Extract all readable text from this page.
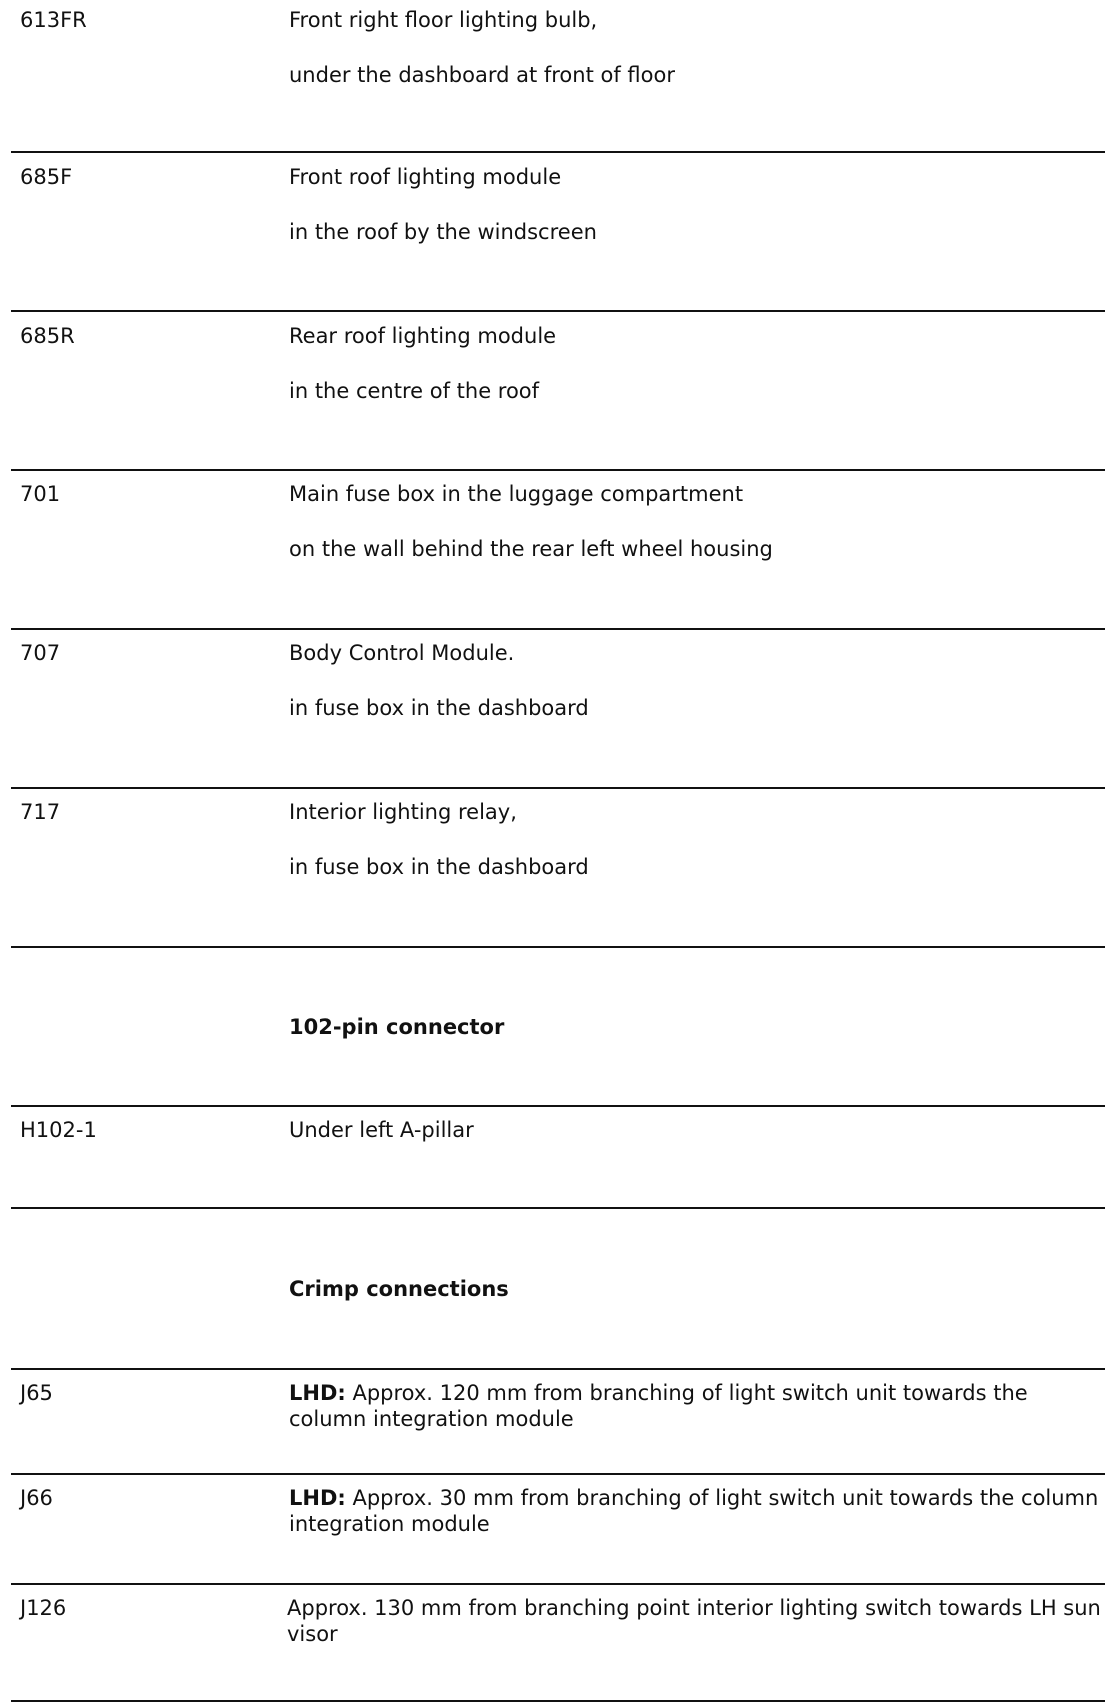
613FR	Front right floor lighting bulb,
under the dashboard at front of floor
685F	Front roof lighting module
in the roof by the windscreen
685R	Rear roof lighting module
in the centre of the roof
701	Main fuse box in the luggage compartment
on the wall behind the rear left wheel housing
707	Body Control Module.
in fuse box in the dashboard
717	Interior lighting relay,
in fuse box in the dashboard
102-pin connector
H102-1	Under left A-pillar
Crimp connections
J65	LHD: Approx. 120 mm from branching of light switch unit towards the column integration module
J66	LHD: Approx. 30 mm from branching of light switch unit towards the column integration module
J126	Approx. 130 mm from branching point interior lighting switch towards LH sun visor
